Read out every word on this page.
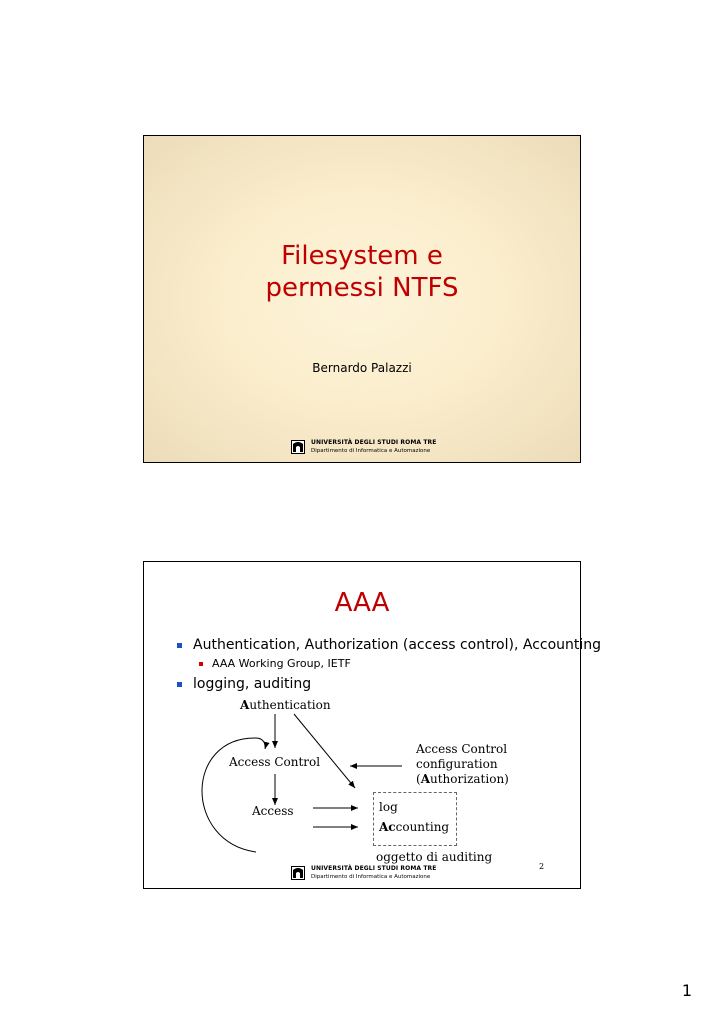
Filesystem e
permessi NTFS
Bernardo Palazzi
UNIVERSITÀ DEGLI STUDI ROMA TRE
Dipartimento di Informatica e Automazione
AAA
Authentication, Authorization (access control), Accounting
AAA Working Group, IETF
logging, auditing
Authentication
Access Control
Access
Access Control
configuration
(Authorization)
log
Accounting
oggetto di auditing
2
UNIVERSITÀ DEGLI STUDI ROMA TRE
Dipartimento di Informatica e Automazione
1
